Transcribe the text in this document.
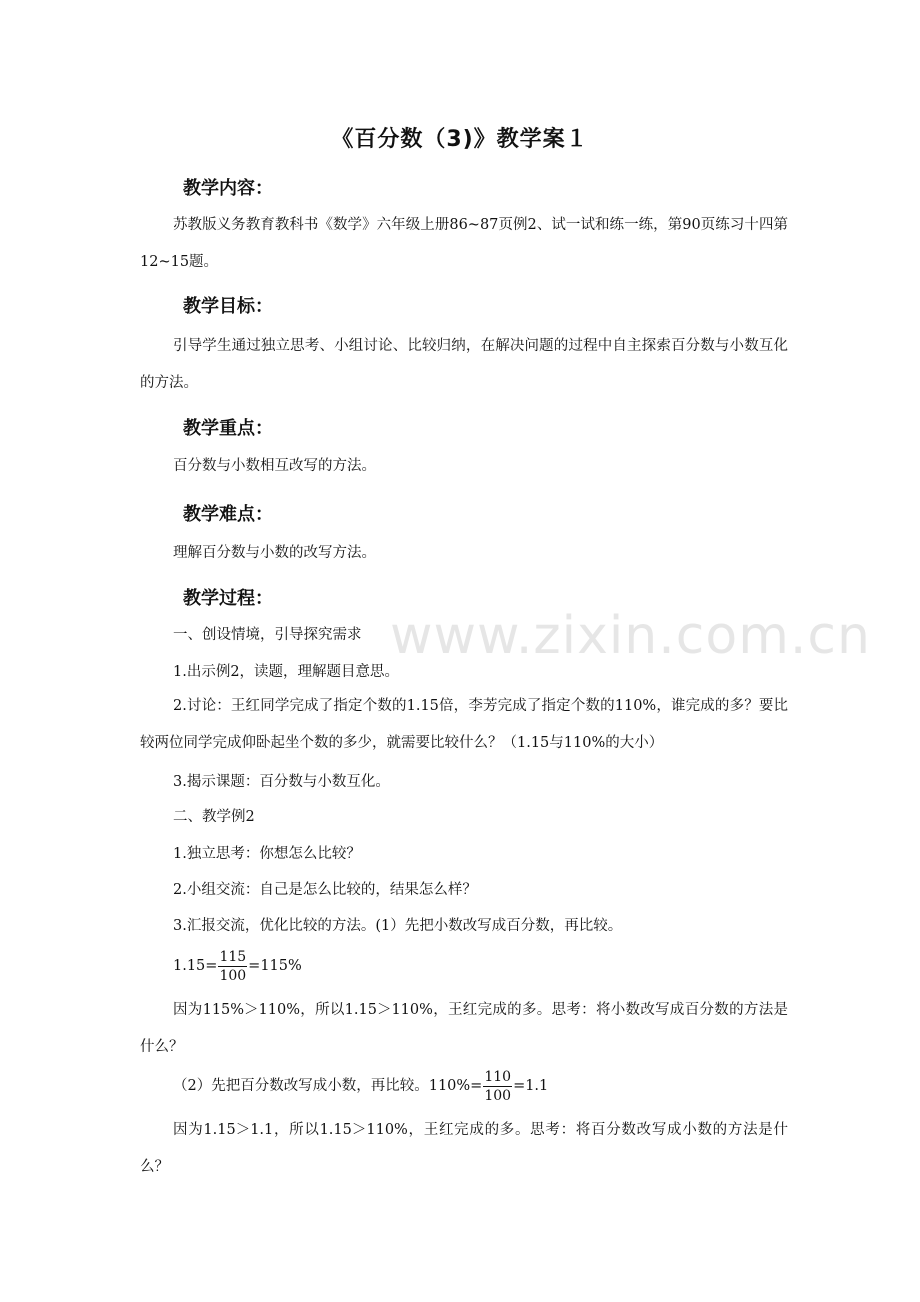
www.zixin.com.cn
《百分数（3)》教学案１
教学内容：
苏教版义务教育教科书《数学》六年级上册86~87页例2、试一试和练一练，第90页练习十四第12~15题。
教学目标：
引导学生通过独立思考、小组讨论、比较归纳，在解决问题的过程中自主探索百分数与小数互化的方法。
教学重点：
百分数与小数相互改写的方法。
教学难点：
理解百分数与小数的改写方法。
教学过程：
一、创设情境，引导探究需求
1.出示例2，读题，理解题目意思。
2.讨论：王红同学完成了指定个数的1.15倍，李芳完成了指定个数的110%，谁完成的多？要比较两位同学完成仰卧起坐个数的多少，就需要比较什么？（1.15与110%的大小）
3.揭示课题：百分数与小数互化。
二、教学例2
1.独立思考：你想怎么比较？
2.小组交流：自己是怎么比较的，结果怎么样？
3.汇报交流，优化比较的方法。(1）先把小数改写成百分数，再比较。
$1.15= \frac{115}{100} =115\%$
因为115%＞110%，所以1.15＞110%，王红完成的多。思考：将小数改写成百分数的方法是什么？
（2）先把百分数改写成小数，再比较。$110\%= \frac{110}{100} =1.1$
因为1.15＞1.1，所以1.15＞110%，王红完成的多。思考：将百分数改写成小数的方法是什么？
